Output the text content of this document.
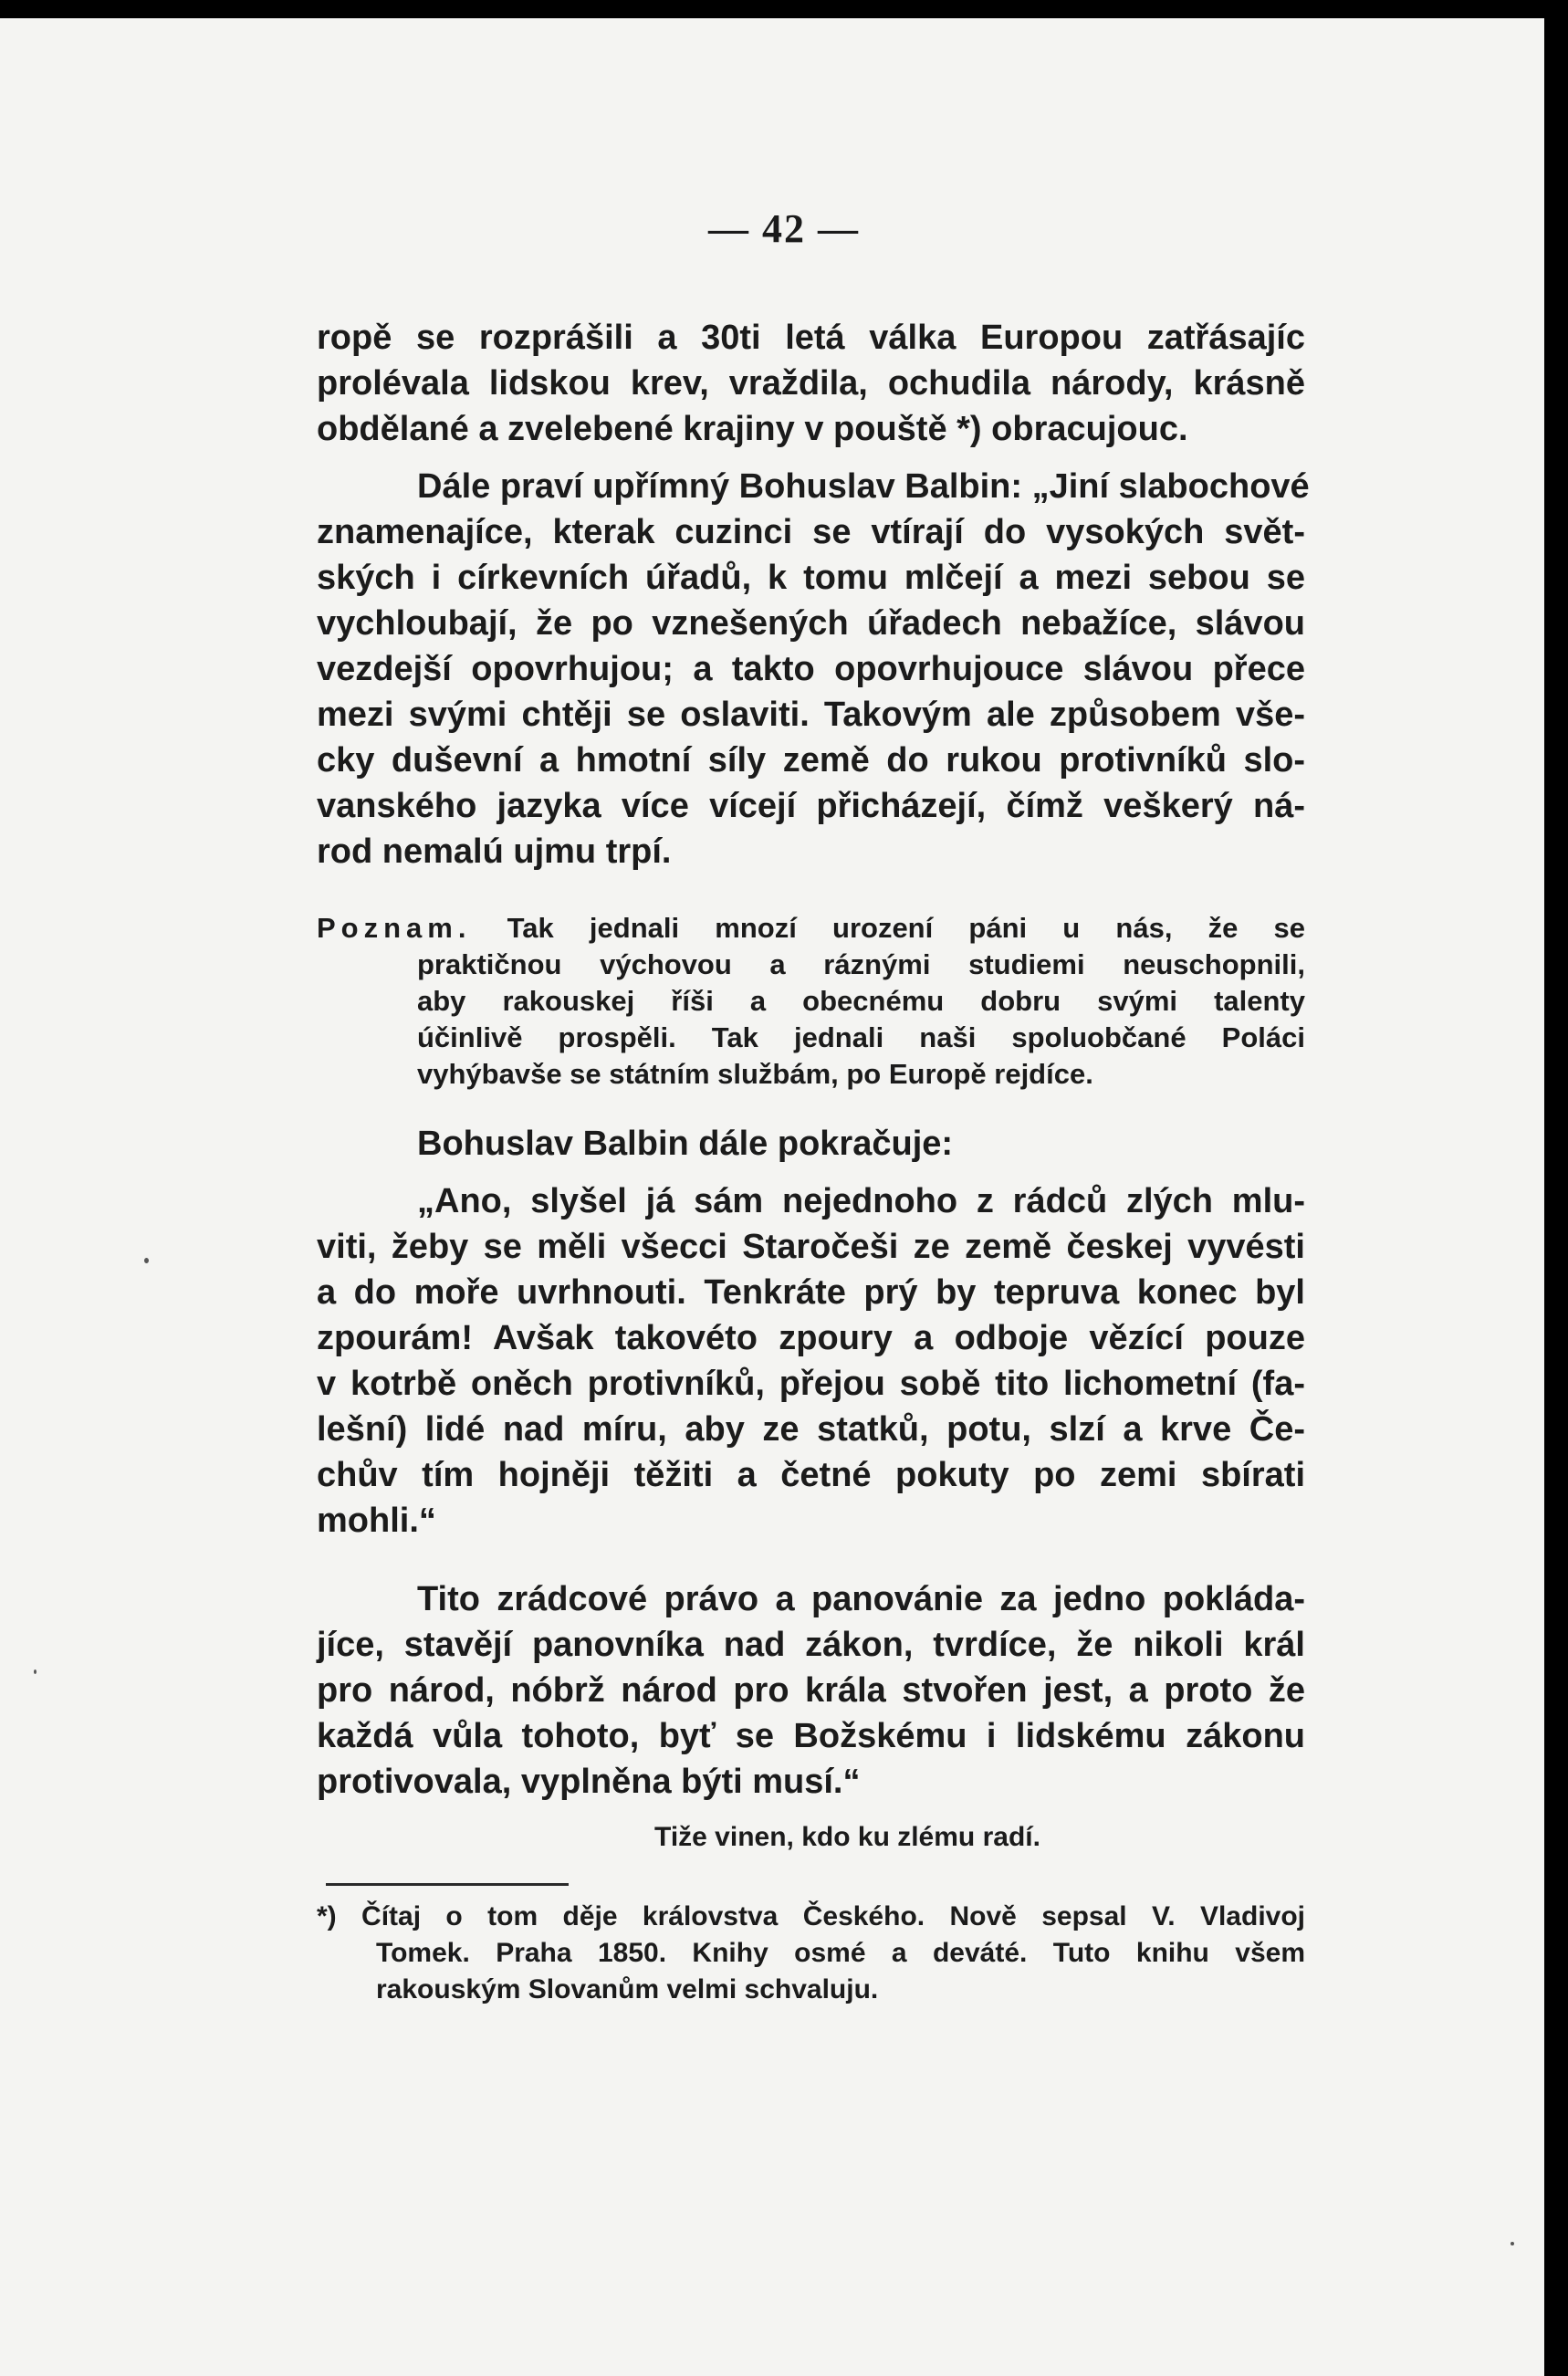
— 42 —
ropě se rozprášili a 30ti letá válka Europou zatřásajíc
prolévala lidskou krev, vraždila, ochudila národy, krásně
obdělané a zvelebené krajiny v pouště *) obracujouc.
Dále praví upřímný Bohuslav Balbin: „Jiní slabochové
znamenajíce, kterak cuzinci se vtírají do vysokých svět-
ských i církevních úřadů, k tomu mlčejí a mezi sebou se
vychloubají, že po vznešených úřadech nebažíce, slávou
vezdejší opovrhujou; a takto opovrhujouce slávou přece
mezi svými chtěji se oslaviti. Takovým ale způsobem vše-
cky duševní a hmotní síly země do rukou protivníků slo-
vanského jazyka více vícejí přicházejí, čímž veškerý ná-
rod nemalú ujmu trpí.
Poznam. Tak jednali mnozí urození páni u nás, že se
praktičnou výchovou a ráznými studiemi neuschopnili,
aby rakouskej říši a obecnému dobru svými talenty
účinlivě prospěli. Tak jednali naši spoluobčané Poláci
vyhýbavše se státním službám, po Europě rejdíce.
Bohuslav Balbin dále pokračuje:
„Ano, slyšel já sám nejednoho z rádců zlých mlu-
viti, žeby se měli všecci Staročeši ze země českej vyvésti
a do moře uvrhnouti. Tenkráte prý by tepruva konec byl
zpourám! Avšak takovéto zpoury a odboje vězící pouze
v kotrbě oněch protivníků, přejou sobě tito lichometní (fa-
lešní) lidé nad míru, aby ze statků, potu, slzí a krve Če-
chův tím hojněji těžiti a četné pokuty po zemi sbírati
mohli.“
Tito zrádcové právo a panovánie za jedno pokláda-
jíce, stavějí panovníka nad zákon, tvrdíce, že nikoli král
pro národ, nóbrž národ pro krála stvořen jest, a proto že
každá vůla tohoto, byť se Božskému i lidskému zákonu
protivovala, vyplněna býti musí.“
Tiže vinen, kdo ku zlému radí.
*) Čítaj o tom děje královstva Českého. Nově sepsal V. Vladivoj
Tomek. Praha 1850. Knihy osmé a deváté. Tuto knihu všem
rakouským Slovanům velmi schvaluju.
